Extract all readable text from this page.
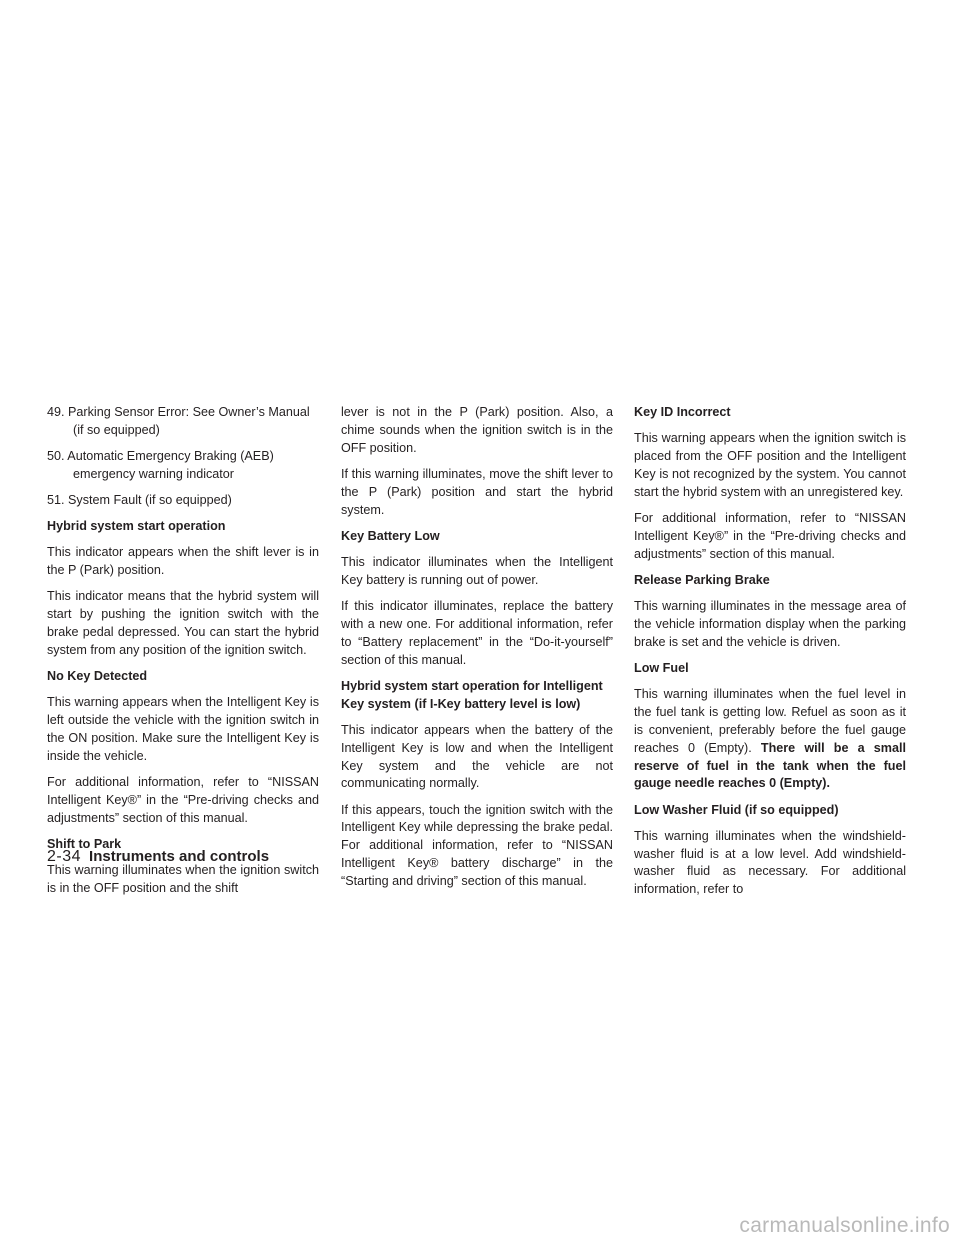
49. Parking Sensor Error: See Owner’s Manual (if so equipped)
50. Automatic Emergency Braking (AEB) emergency warning indicator
51. System Fault (if so equipped)
Hybrid system start operation

This indicator appears when the shift lever is in the P (Park) position.

This indicator means that the hybrid system will start by pushing the ignition switch with the brake pedal depressed. You can start the hybrid system from any position of the ignition switch.

No Key Detected

This warning appears when the Intelligent Key is left outside the vehicle with the ignition switch in the ON position. Make sure the Intelligent Key is inside the vehicle.

For additional information, refer to “NISSAN Intelligent Key®” in the “Pre-driving checks and adjustments” section of this manual.

Shift to Park

This warning illuminates when the ignition switch is in the OFF position and the shift

lever is not in the P (Park) position. Also, a chime sounds when the ignition switch is in the OFF position.

If this warning illuminates, move the shift lever to the P (Park) position and start the hybrid system.

Key Battery Low

This indicator illuminates when the Intelligent Key battery is running out of power.

If this indicator illuminates, replace the battery with a new one. For additional information, refer to “Battery replacement” in the “Do-it-yourself” section of this manual.

Hybrid system start operation for Intelligent Key system (if I-Key battery level is low)

This indicator appears when the battery of the Intelligent Key is low and when the Intelligent Key system and the vehicle are not communicating normally.

If this appears, touch the ignition switch with the Intelligent Key while depressing the brake pedal. For additional information, refer to “NISSAN Intelligent Key® battery discharge” in the “Starting and driving” section of this manual.

Key ID Incorrect

This warning appears when the ignition switch is placed from the OFF position and the Intelligent Key is not recognized by the system. You cannot start the hybrid system with an unregistered key.

For additional information, refer to “NISSAN Intelligent Key®” in the “Pre-driving checks and adjustments” section of this manual.

Release Parking Brake

This warning illuminates in the message area of the vehicle information display when the parking brake is set and the vehicle is driven.

Low Fuel

This warning illuminates when the fuel level in the fuel tank is getting low. Refuel as soon as it is convenient, preferably before the fuel gauge reaches 0 (Empty). There will be a small reserve of fuel in the tank when the fuel gauge needle reaches 0 (Empty).

Low Washer Fluid (if so equipped)

This warning illuminates when the windshield-washer fluid is at a low level. Add windshield-washer fluid as necessary. For additional information, refer to

2-34 Instruments and controls
carmanualsonline.info
